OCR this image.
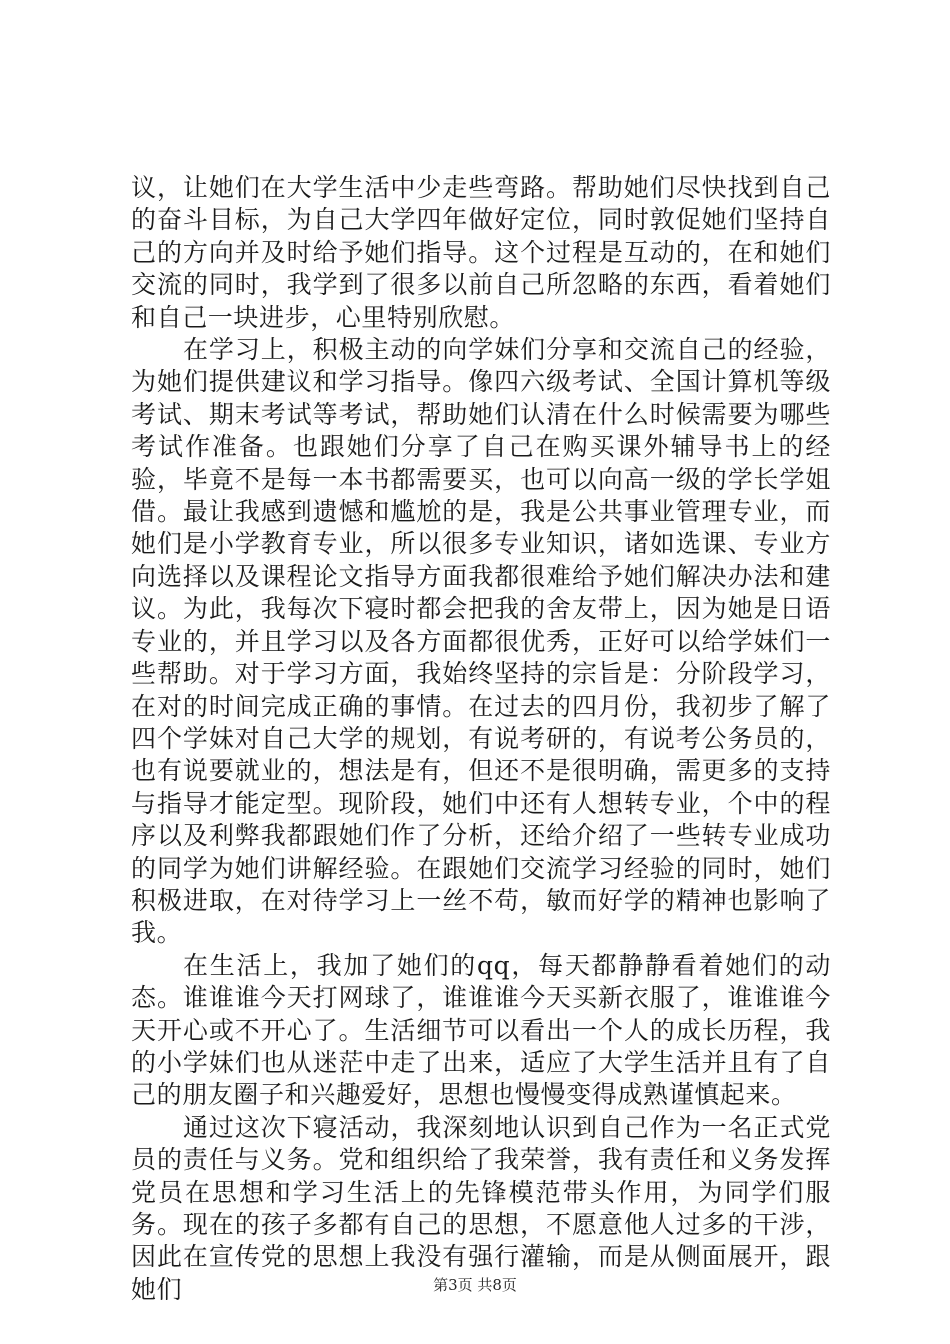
议，让她们在大学生活中少走些弯路。帮助她们尽快找到自己的奋斗目标，为自己大学四年做好定位，同时敦促她们坚持自己的方向并及时给予她们指导。这个过程是互动的，在和她们交流的同时，我学到了很多以前自己所忽略的东西，看着她们和自己一块进步，心里特别欣慰。

在学习上，积极主动的向学妹们分享和交流自己的经验，为她们提供建议和学习指导。像四六级考试、全国计算机等级考试、期末考试等考试，帮助她们认清在什么时候需要为哪些考试作准备。也跟她们分享了自己在购买课外辅导书上的经验，毕竟不是每一本书都需要买，也可以向高一级的学长学姐借。最让我感到遗憾和尴尬的是，我是公共事业管理专业，而她们是小学教育专业，所以很多专业知识，诸如选课、专业方向选择以及课程论文指导方面我都很难给予她们解决办法和建议。为此，我每次下寝时都会把我的舍友带上，因为她是日语专业的，并且学习以及各方面都很优秀，正好可以给学妹们一些帮助。对于学习方面，我始终坚持的宗旨是：分阶段学习，在对的时间完成正确的事情。在过去的四月份，我初步了解了四个学妹对自己大学的规划，有说考研的，有说考公务员的，也有说要就业的，想法是有，但还不是很明确，需更多的支持与指导才能定型。现阶段，她们中还有人想转专业，个中的程序以及利弊我都跟她们作了分析，还给介绍了一些转专业成功的同学为她们讲解经验。在跟她们交流学习经验的同时，她们积极进取，在对待学习上一丝不苟，敏而好学的精神也影响了我。

在生活上，我加了她们的qq，每天都静静看着她们的动态。谁谁谁今天打网球了，谁谁谁今天买新衣服了，谁谁谁今天开心或不开心了。生活细节可以看出一个人的成长历程，我的小学妹们也从迷茫中走了出来，适应了大学生活并且有了自己的朋友圈子和兴趣爱好，思想也慢慢变得成熟谨慎起来。

通过这次下寝活动，我深刻地认识到自己作为一名正式党员的责任与义务。党和组织给了我荣誉，我有责任和义务发挥党员在思想和学习生活上的先锋模范带头作用，为同学们服务。现在的孩子多都有自己的思想，不愿意他人过多的干涉，因此在宣传党的思想上我没有强行灌输，而是从侧面展开，跟她们	第3页 共8页
